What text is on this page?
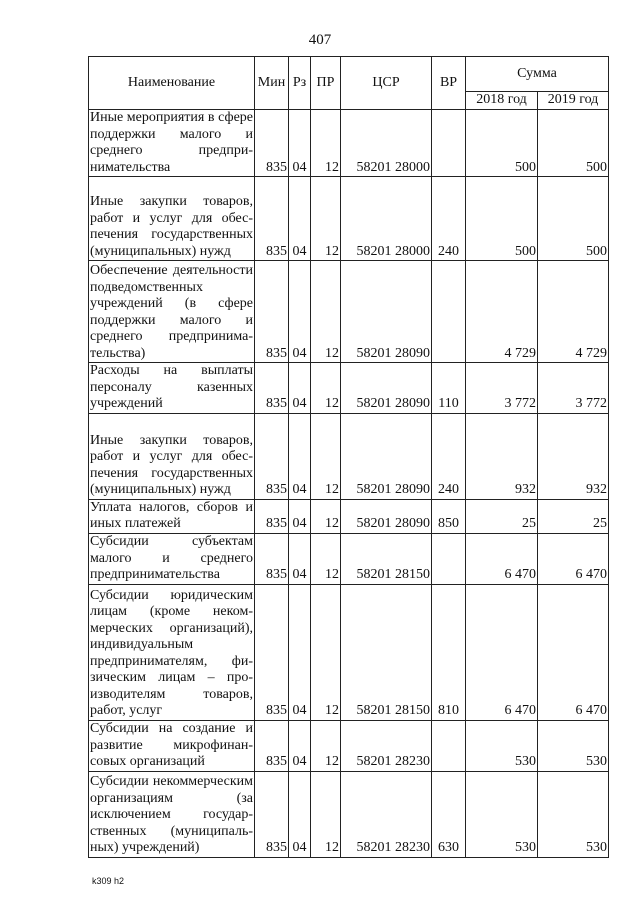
407
Наименование	Мин	Рз	ПР	ЦСР	ВР	Сумма	
						2018 год	2019 год
Иные мероприятия в сфере поддержки малого и среднего предпринимательства	835	04	12	58201 28000		500	500
Иные закупки товаров, работ и услуг для обеспечения государственных (муниципальных) нужд	835	04	12	58201 28000	240	500	500
Обеспечение деятельности подведомственных учреждений (в сфере поддержки малого и среднего предпринимательства)	835	04	12	58201 28090		4 729	4 729
Расходы на выплаты персоналу казенных учреждений	835	04	12	58201 28090	110	3 772	3 772
Иные закупки товаров, работ и услуг для обеспечения государственных (муниципальных) нужд	835	04	12	58201 28090	240	932	932
Уплата налогов, сборов и иных платежей	835	04	12	58201 28090	850	25	25
Субсидии субъектам малого и среднего предпринимательства	835	04	12	58201 28150		6 470	6 470
Субсидии юридическим лицам (кроме некоммерческих организаций), индивидуальным предпринимателям, физическим лицам – производителям товаров, работ, услуг	835	04	12	58201 28150	810	6 470	6 470
Субсидии на создание и развитие микрофинансовых организаций	835	04	12	58201 28230		530	530
Субсидии некоммерческим организациям (за исключением государственных (муниципальных) учреждений)	835	04	12	58201 28230	630	530	530
k309 h2
